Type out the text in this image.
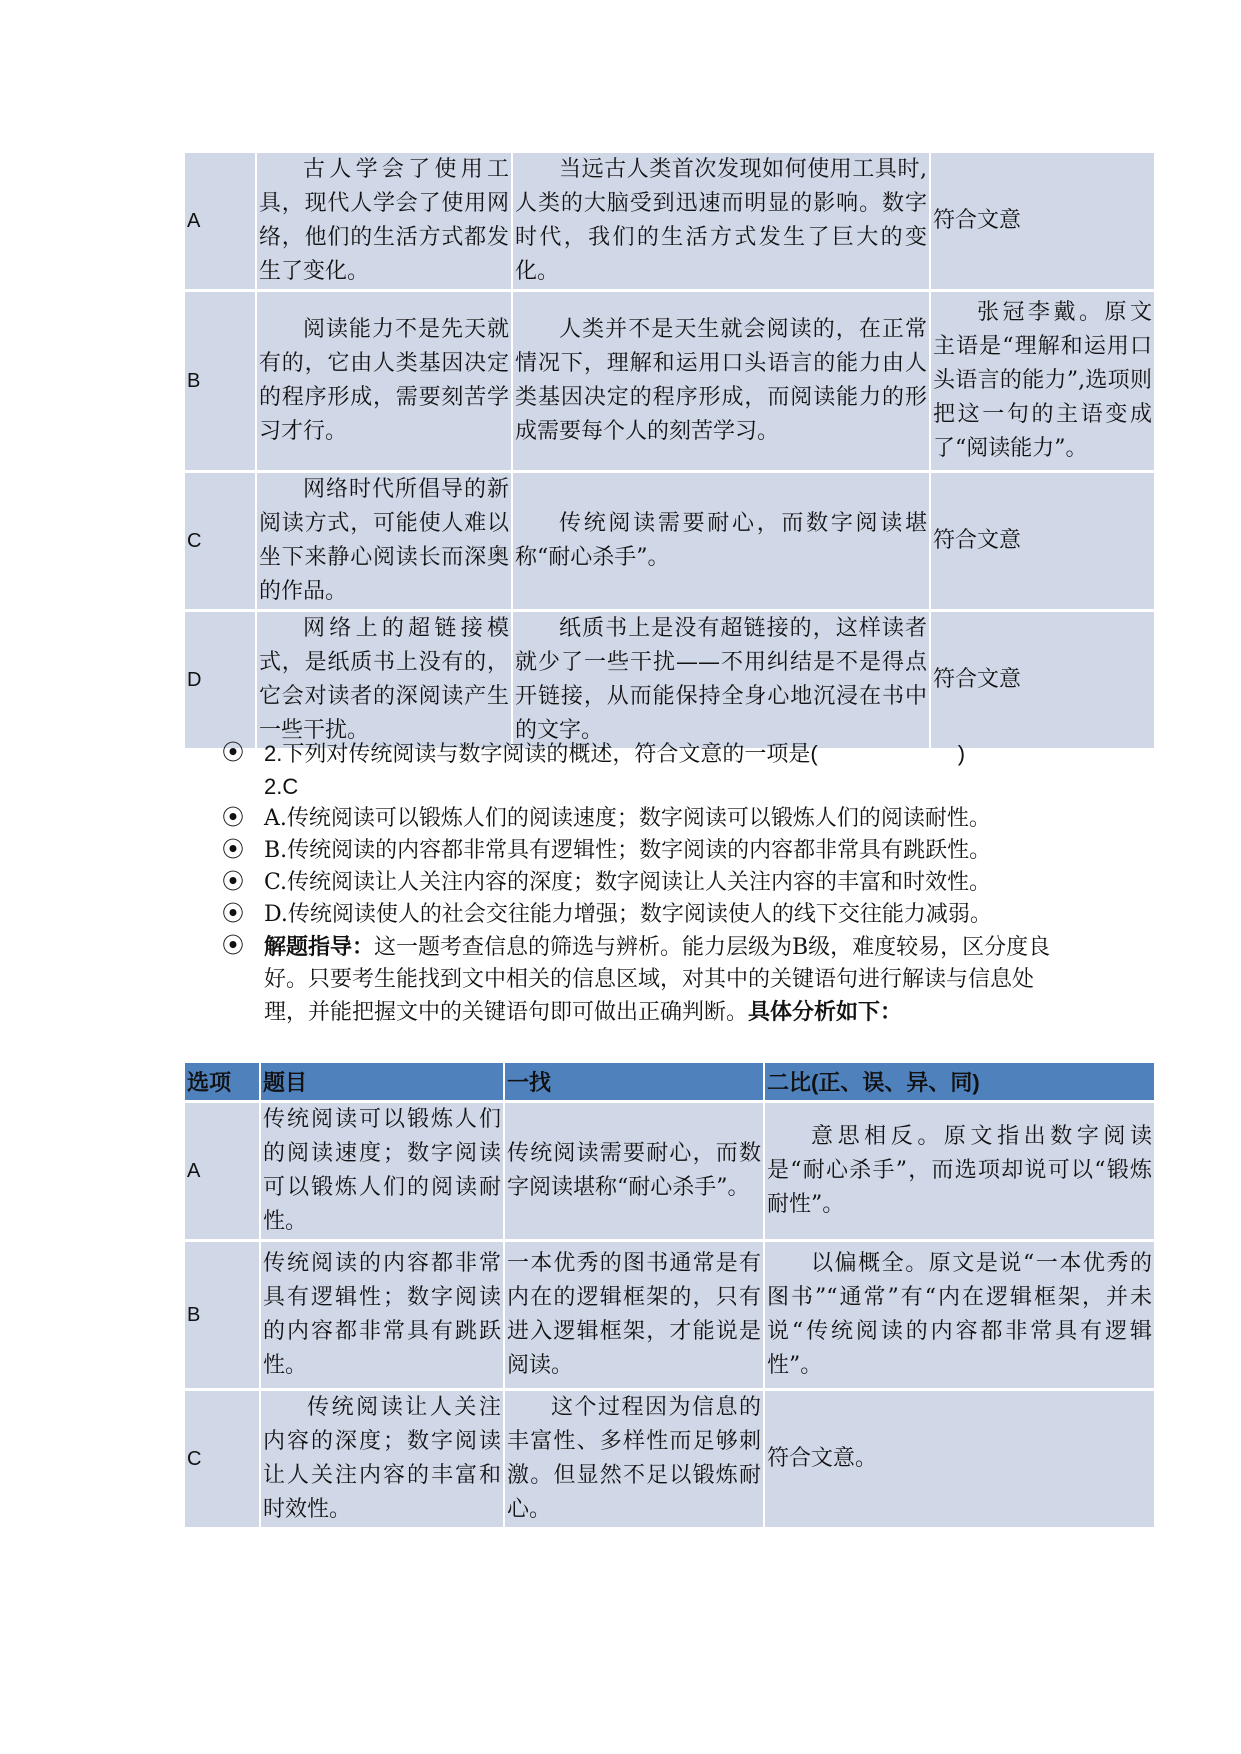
A	古人学会了使用工具，现代人学会了使用网络，他们的生活方式都发生了变化。	当远古人类首次发现如何使用工具时,人类的大脑受到迅速而明显的影响。数字时代，我们的生活方式发生了巨大的变化。	符合文意
B	阅读能力不是先天就有的，它由人类基因决定的程序形成，需要刻苦学习才行。	人类并不是天生就会阅读的，在正常情况下，理解和运用口头语言的能力由人类基因决定的程序形成，而阅读能力的形成需要每个人的刻苦学习。	张冠李戴。原文主语是“理解和运用口头语言的能力”,选项则把这一句的主语变成了“阅读能力”。
C	网络时代所倡导的新阅读方式，可能使人难以坐下来静心阅读长而深奥的作品。	传统阅读需要耐心，而数字阅读堪称“耐心杀手”。	符合文意
D	网络上的超链接模式，是纸质书上没有的，它会对读者的深阅读产生一些干扰。	纸质书上是没有超链接的，这样读者就少了一些干扰——不用纠结是不是得点开链接，从而能保持全身心地沉浸在书中的文字。	符合文意
⦿ 2.下列对传统阅读与数字阅读的概述，符合文意的一项是(	)
2.C
⦿ A.传统阅读可以锻炼人们的阅读速度；数字阅读可以锻炼人们的阅读耐性。
⦿ B.传统阅读的内容都非常具有逻辑性；数字阅读的内容都非常具有跳跃性。
⦿ C.传统阅读让人关注内容的深度；数字阅读让人关注内容的丰富和时效性。
⦿ D.传统阅读使人的社会交往能力增强；数字阅读使人的线下交往能力减弱。
⦿ 解题指导：这一题考查信息的筛选与辨析。能力层级为B级，难度较易，区分度良好。只要考生能找到文中相关的信息区域，对其中的关键语句进行解读与信息处理，并能把握文中的关键语句即可做出正确判断。具体分析如下：
选项	题目	一找	二比(正、误、异、同)
A	传统阅读可以锻炼人们的阅读速度；数字阅读可以锻炼人们的阅读耐性。	传统阅读需要耐心，而数字阅读堪称“耐心杀手”。	意思相反。原文指出数字阅读是“耐心杀手”，而选项却说可以“锻炼耐性”。
B	传统阅读的内容都非常具有逻辑性；数字阅读的内容都非常具有跳跃性。	一本优秀的图书通常是有内在的逻辑框架的，只有进入逻辑框架，才能说是阅读。	以偏概全。原文是说“一本优秀的图书”“通常”有“内在逻辑框架，并未说“传统阅读的内容都非常具有逻辑性”。
C	传统阅读让人关注内容的深度；数字阅读让人关注内容的丰富和时效性。	这个过程因为信息的丰富性、多样性而足够刺激。但显然不足以锻炼耐心。	符合文意。
